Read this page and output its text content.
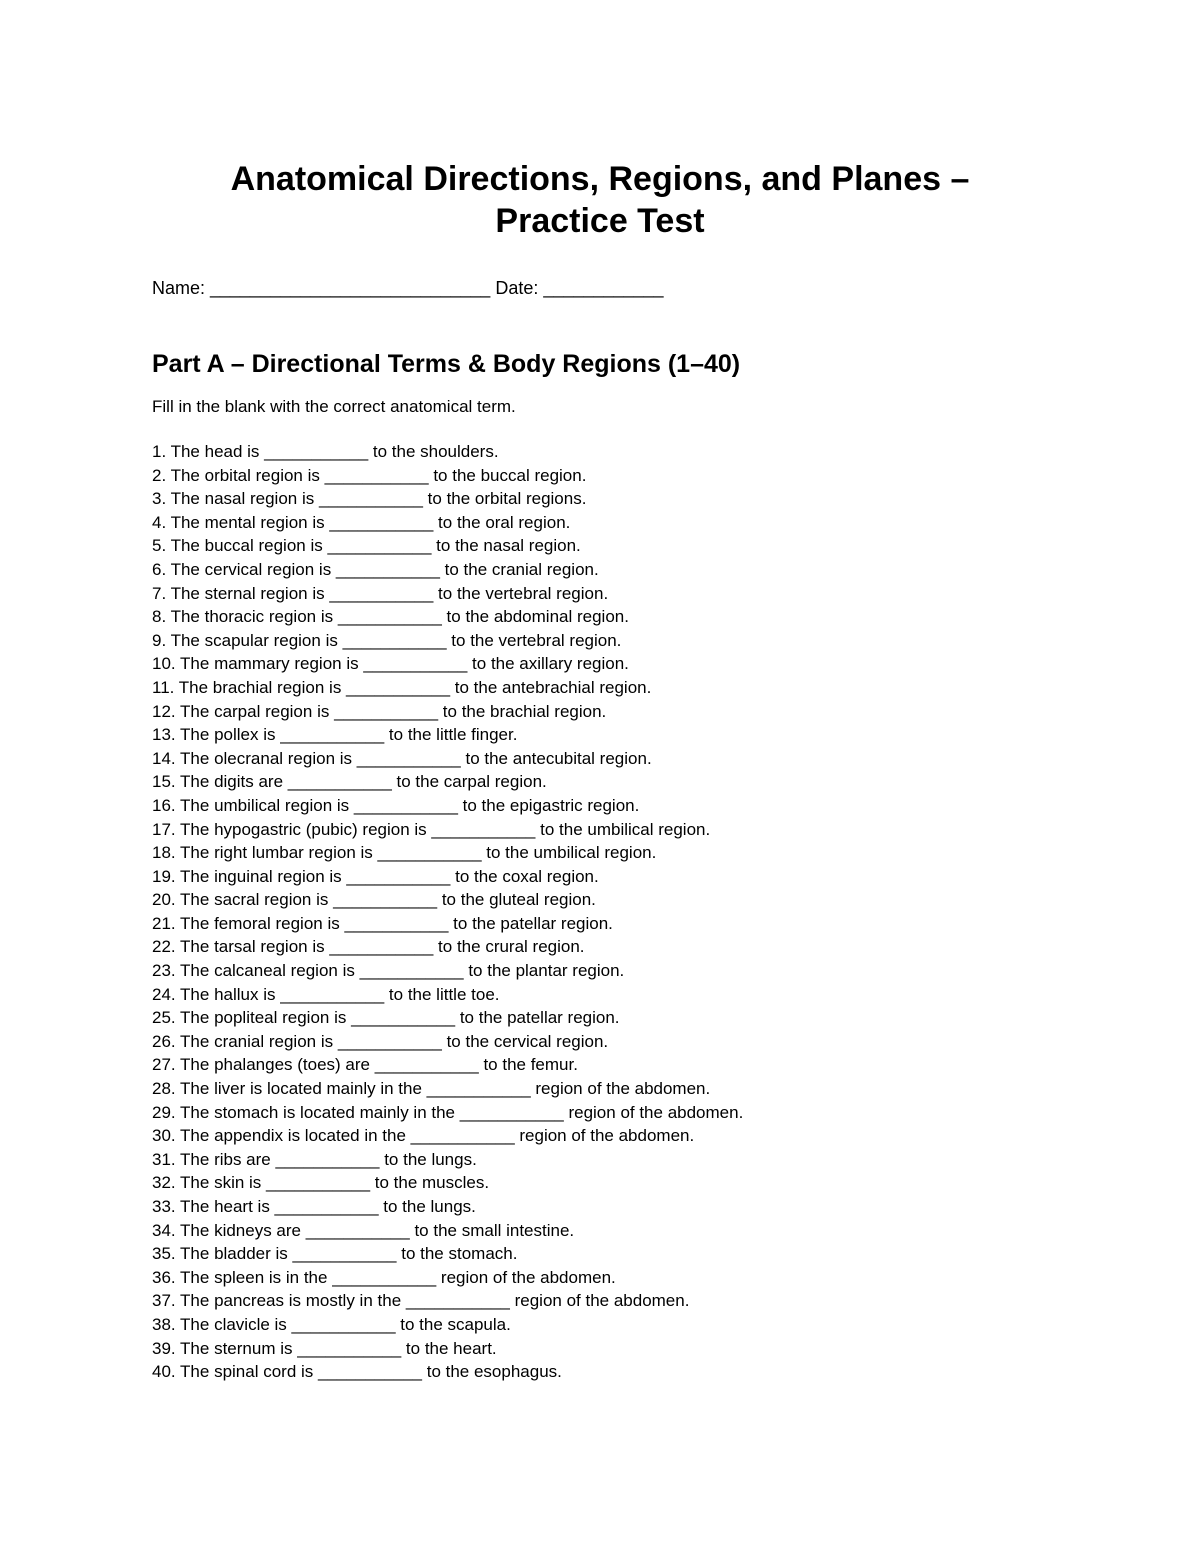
Anatomical Directions, Regions, and Planes –
Practice Test
Name: ____________________________ Date: ____________
Part A – Directional Terms & Body Regions (1–40)
Fill in the blank with the correct anatomical term.
1. The head is ___________ to the shoulders.
2. The orbital region is ___________ to the buccal region.
3. The nasal region is ___________ to the orbital regions.
4. The mental region is ___________ to the oral region.
5. The buccal region is ___________ to the nasal region.
6. The cervical region is ___________ to the cranial region.
7. The sternal region is ___________ to the vertebral region.
8. The thoracic region is ___________ to the abdominal region.
9. The scapular region is ___________ to the vertebral region.
10. The mammary region is ___________ to the axillary region.
11. The brachial region is ___________ to the antebrachial region.
12. The carpal region is ___________ to the brachial region.
13. The pollex is ___________ to the little finger.
14. The olecranal region is ___________ to the antecubital region.
15. The digits are ___________ to the carpal region.
16. The umbilical region is ___________ to the epigastric region.
17. The hypogastric (pubic) region is ___________ to the umbilical region.
18. The right lumbar region is ___________ to the umbilical region.
19. The inguinal region is ___________ to the coxal region.
20. The sacral region is ___________ to the gluteal region.
21. The femoral region is ___________ to the patellar region.
22. The tarsal region is ___________ to the crural region.
23. The calcaneal region is ___________ to the plantar region.
24. The hallux is ___________ to the little toe.
25. The popliteal region is ___________ to the patellar region.
26. The cranial region is ___________ to the cervical region.
27. The phalanges (toes) are ___________ to the femur.
28. The liver is located mainly in the ___________ region of the abdomen.
29. The stomach is located mainly in the ___________ region of the abdomen.
30. The appendix is located in the ___________ region of the abdomen.
31. The ribs are ___________ to the lungs.
32. The skin is ___________ to the muscles.
33. The heart is ___________ to the lungs.
34. The kidneys are ___________ to the small intestine.
35. The bladder is ___________ to the stomach.
36. The spleen is in the ___________ region of the abdomen.
37. The pancreas is mostly in the ___________ region of the abdomen.
38. The clavicle is ___________ to the scapula.
39. The sternum is ___________ to the heart.
40. The spinal cord is ___________ to the esophagus.
